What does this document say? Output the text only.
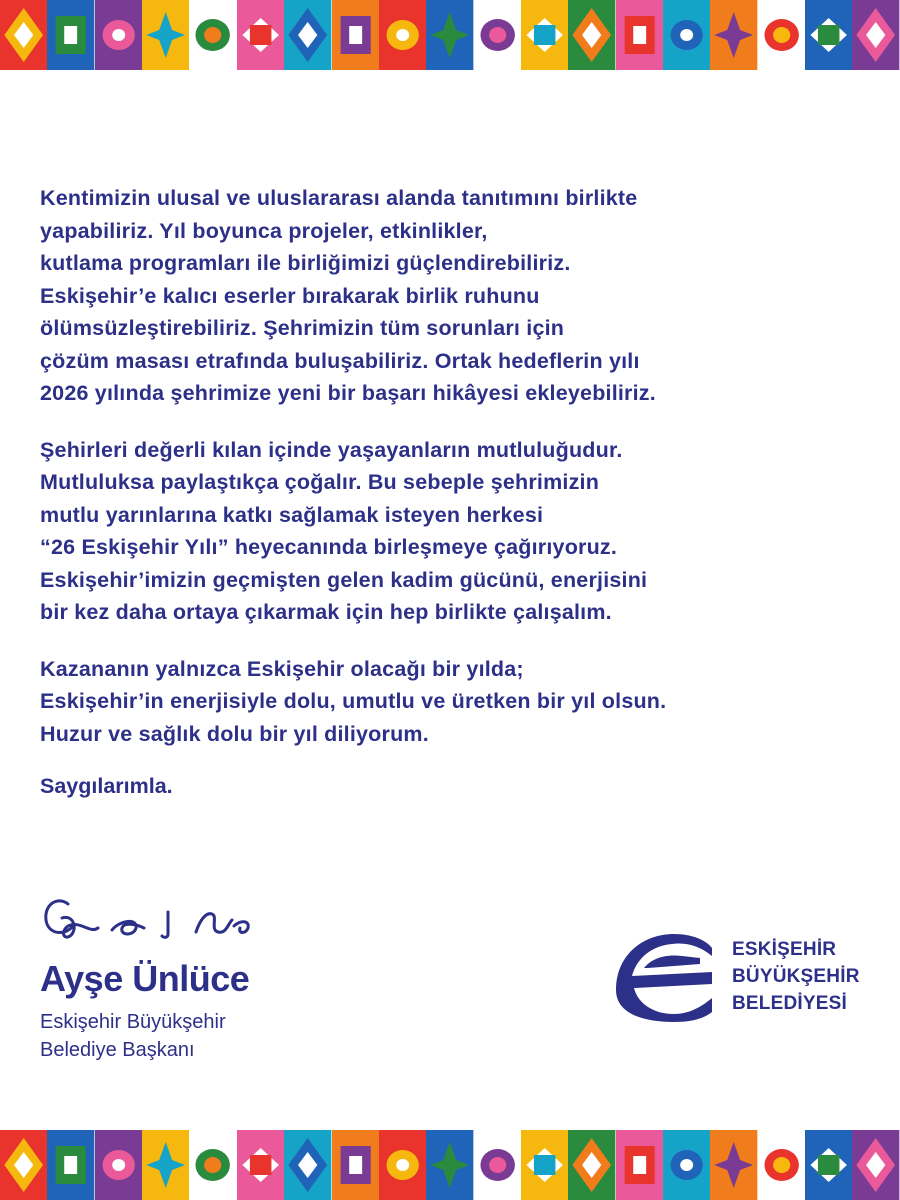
Kentimizin ulusal ve uluslararası alanda tanıtımını birlikte
yapabiliriz. Yıl boyunca projeler, etkinlikler,
kutlama programları ile birliğimizi güçlendirebiliriz.
Eskişehir’e kalıcı eserler bırakarak birlik ruhunu
ölümsüzleştirebiliriz. Şehrimizin tüm sorunları için
çözüm masası etrafında buluşabiliriz. Ortak hedeflerin yılı
2026 yılında şehrimize yeni bir başarı hikâyesi ekleyebiliriz.

Şehirleri değerli kılan içinde yaşayanların mutluluğudur.
Mutluluksa paylaştıkça çoğalır. Bu sebeple şehrimizin
mutlu yarınlarına katkı sağlamak isteyen herkesi
“26 Eskişehir Yılı” heyecanında birleşmeye çağırıyoruz.
Eskişehir’imizin geçmişten gelen kadim gücünü, enerjisini
bir kez daha ortaya çıkarmak için hep birlikte çalışalım.

Kazananın yalnızca Eskişehir olacağı bir yılda;
Eskişehir’in enerjisiyle dolu, umutlu ve üretken bir yıl olsun.
Huzur ve sağlık dolu bir yıl diliyorum.

Saygılarımla.
Ayşe Ünlüce
Eskişehir Büyükşehir
Belediye Başkanı
ESKİŞEHİR
BÜYÜKŞEHİR
BELEDİYESİ
